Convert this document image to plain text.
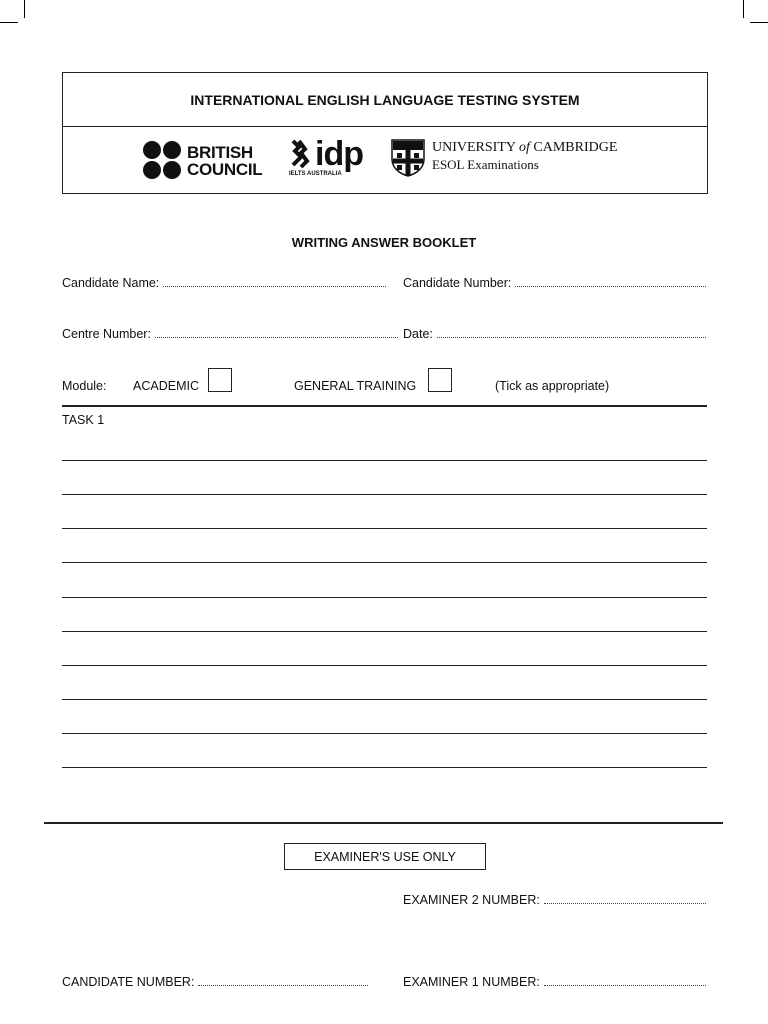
INTERNATIONAL ENGLISH LANGUAGE TESTING SYSTEM
BRITISH
COUNCIL idp
IELTS AUSTRALIA
UNIVERSITY of CAMBRIDGE
ESOL Examinations
WRITING ANSWER BOOKLET
Candidate Name:	Candidate Number:
Centre Number:	Date:
Module: ACADEMIC	GENERAL TRAINING	(Tick as appropriate)
TASK 1
EXAMINER'S USE ONLY
EXAMINER 2 NUMBER:
CANDIDATE NUMBER:	EXAMINER 1 NUMBER:
